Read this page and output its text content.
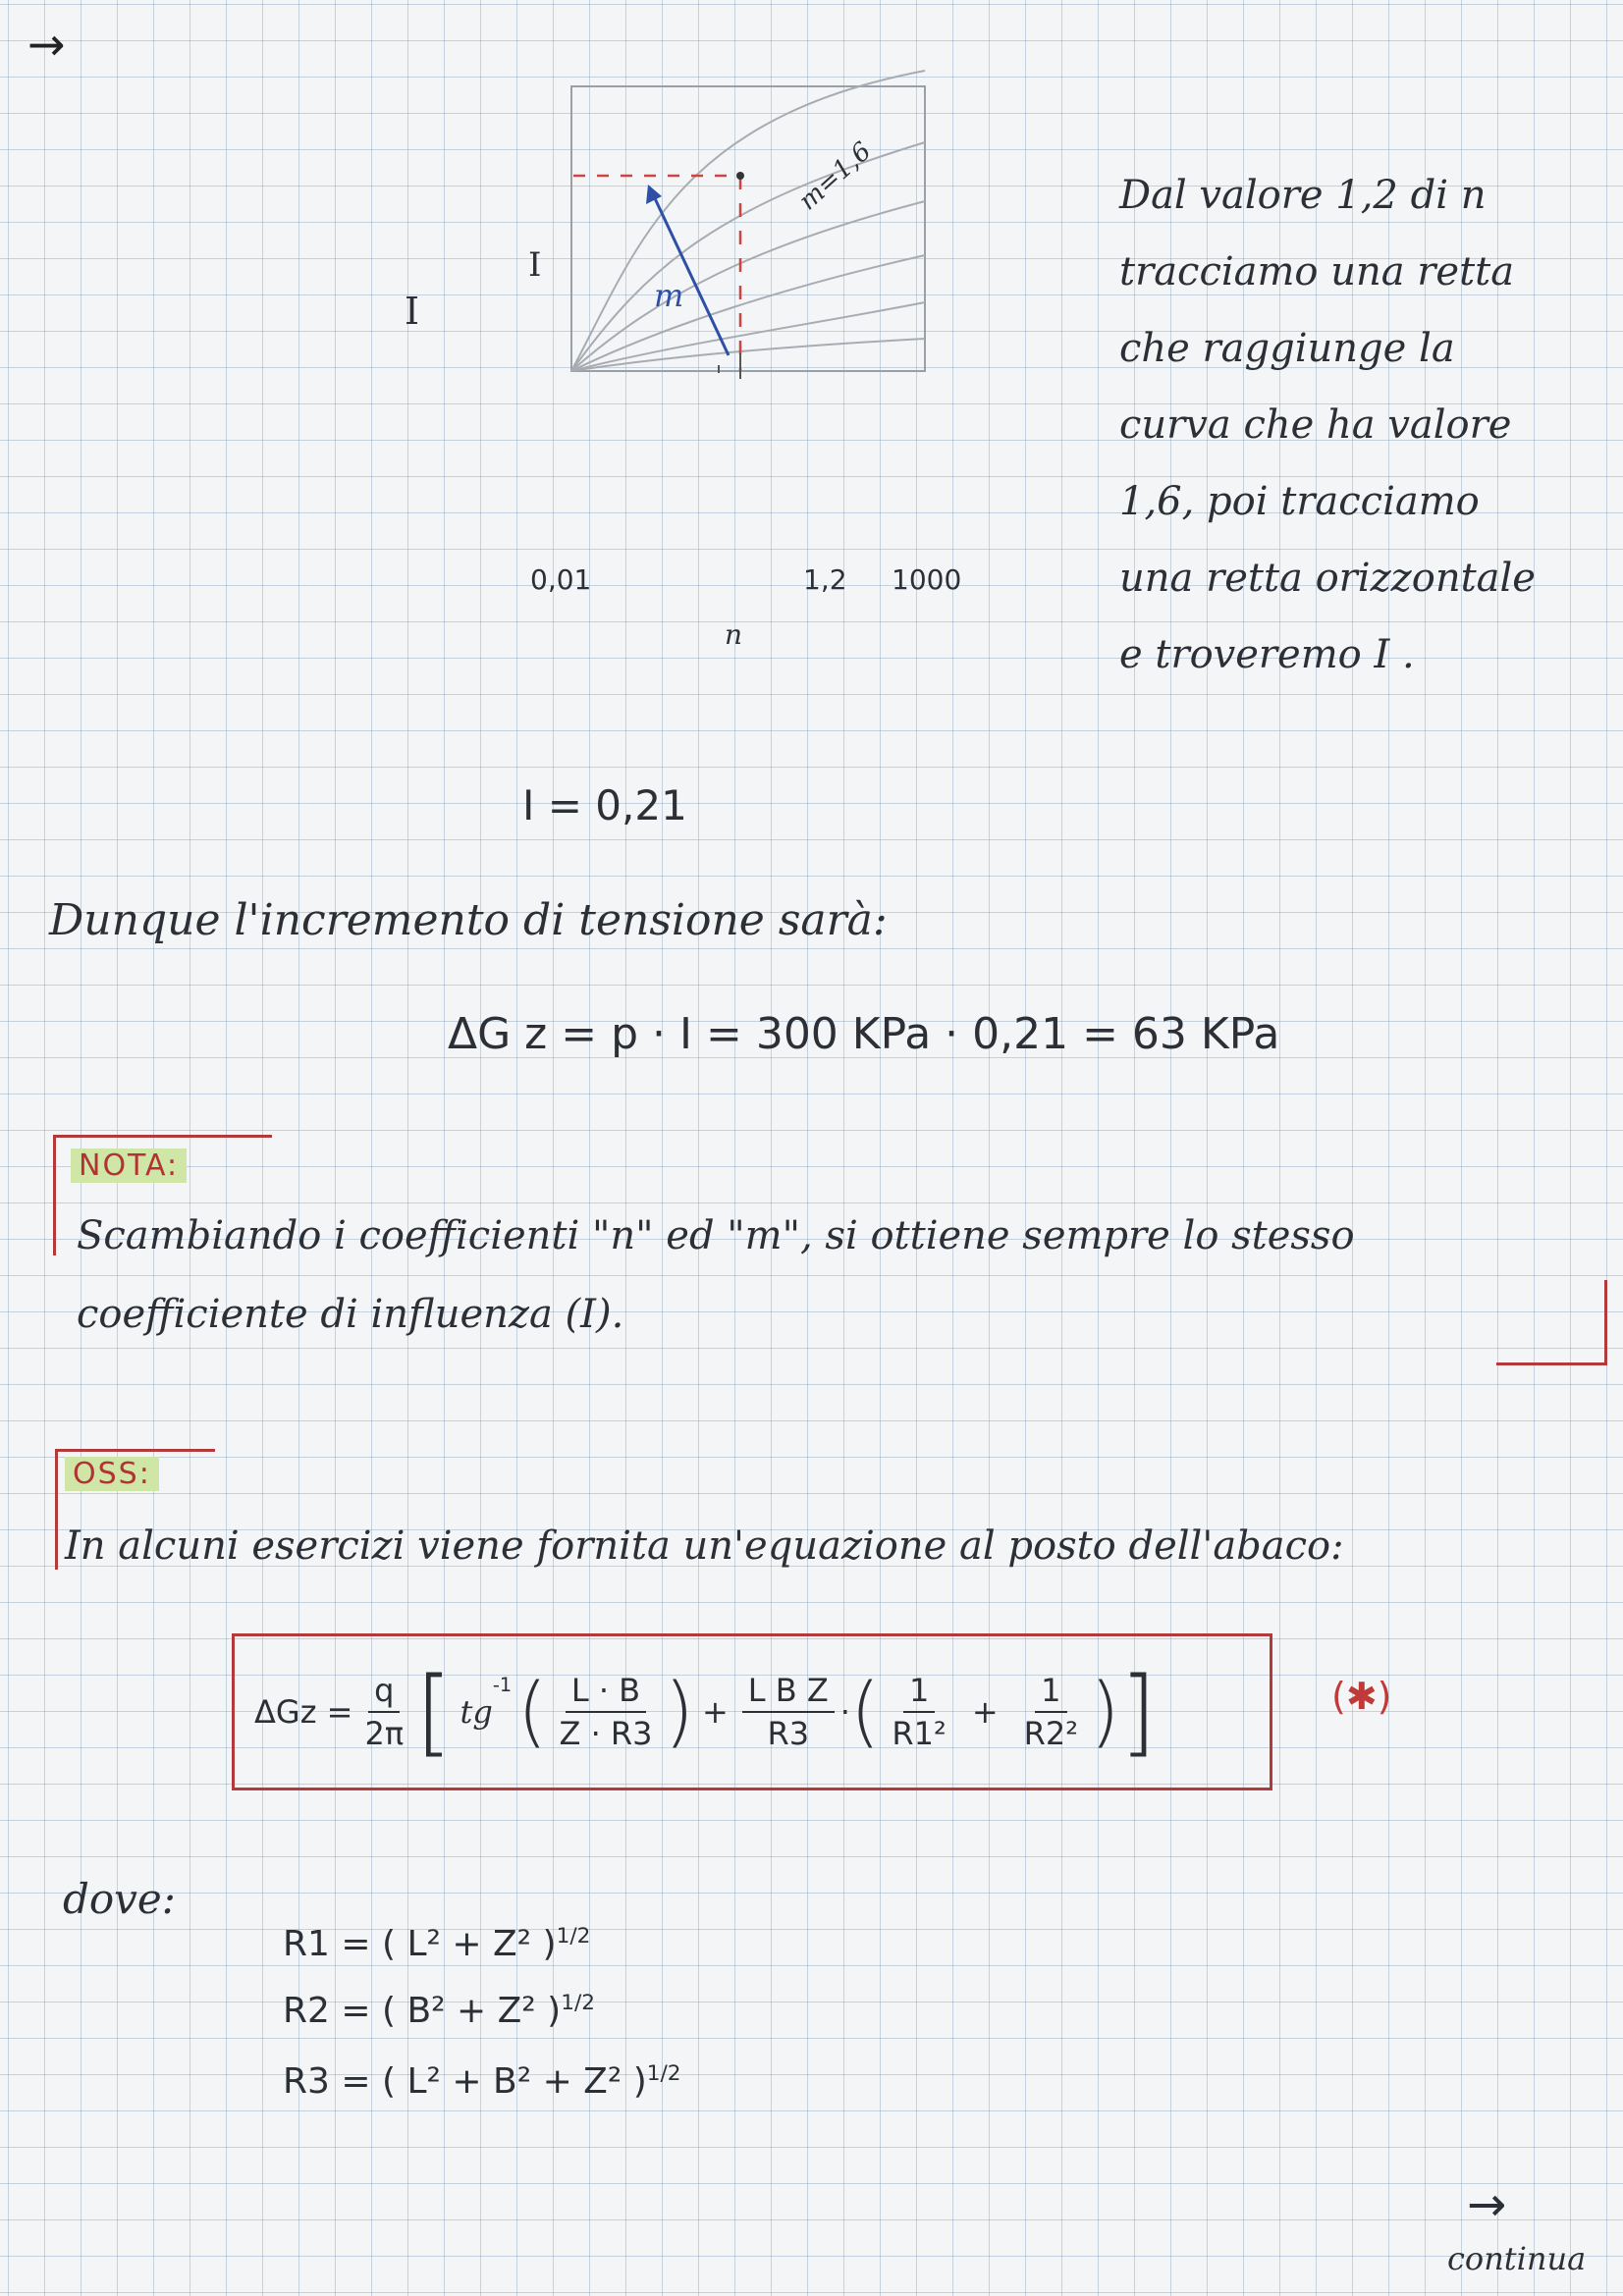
→
I
I
m=1,6
m
0,01	1,2 1000
n
Dal valore 1,2 di n
tracciamo una retta
che raggiunge la
curva che ha valore
1,6, poi tracciamo
una retta orizzontale
e troveremo I .
I = 0,21
Dunque l'incremento di tensione sarà:
ΔG z = p · I = 300 KPa · 0,21 = 63 KPa
NOTA:
Scambiando i coefficienti "n" ed "m", si ottiene sempre lo stesso
coefficiente di influenza (I).
OSS:
In alcuni esercizi viene fornita un'equazione al posto dell'abaco:
$\Delta Gz = \frac{q}{2\pi}$ [ tg
$^{-1}$ ( $\frac{L \cdot B}{Z \cdot R3}$ ) + $\frac{\text{L B Z}}{R3}$ · ( $\frac{1}{\text{R1²}} + \frac{1}{\text{R2²}}$ ) ]	(✱)
dove:
R1 = ( L² + Z² )$^{1/2}$
R2 = ( B² + Z² )$^{1/2}$
R3 = ( L² + B² + Z² )$^{1/2}$
→
continua
